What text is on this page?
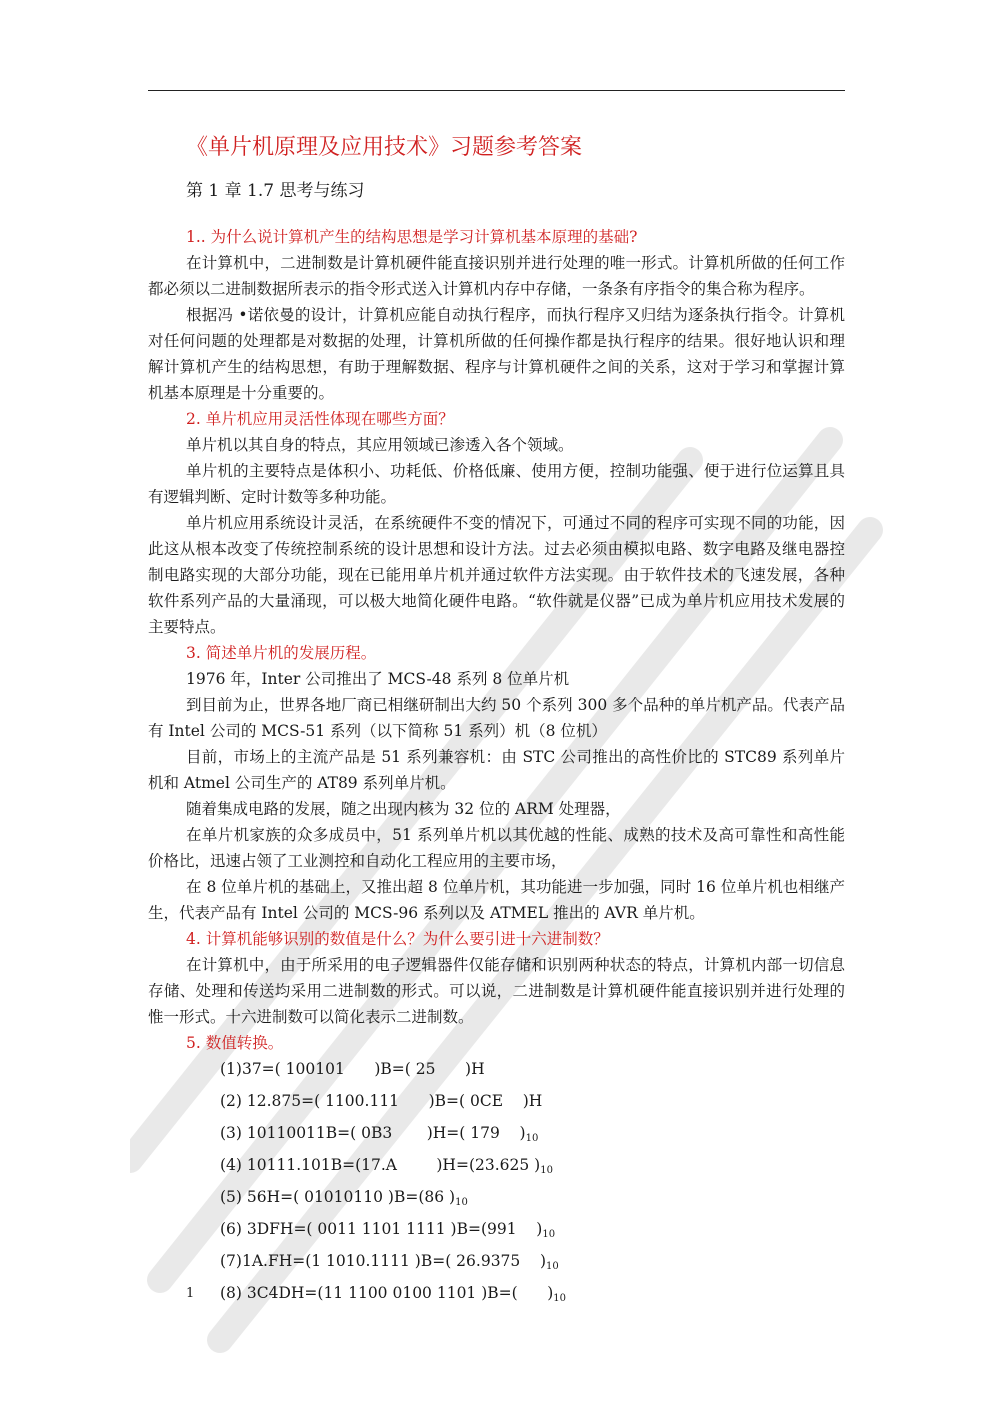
《单片机原理及应用技术》习题参考答案
第 1 章 1.7 思考与练习

1.. 为什么说计算机产生的结构思想是学习计算机基本原理的基础?

在计算机中，二进制数是计算机硬件能直接识别并进行处理的唯一形式。计算机所做的任何工作都必须以二进制数据所表示的指令形式送入计算机内存中存储，一条条有序指令的集合称为程序。

根据冯 •诺依曼的设计，计算机应能自动执行程序，而执行程序又归结为逐条执行指令。计算机对任何问题的处理都是对数据的处理，计算机所做的任何操作都是执行程序的结果。很好地认识和理解计算机产生的结构思想，有助于理解数据、程序与计算机硬件之间的关系，这对于学习和掌握计算机基本原理是十分重要的。

2. 单片机应用灵活性体现在哪些方面？

单片机以其自身的特点，其应用领域已渗透入各个领域。

单片机的主要特点是体积小、功耗低、价格低廉、使用方便，控制功能强、便于进行位运算且具有逻辑判断、定时计数等多种功能。

单片机应用系统设计灵活，在系统硬件不变的情况下，可通过不同的程序可实现不同的功能，因此这从根本改变了传统控制系统的设计思想和设计方法。过去必须由模拟电路、数字电路及继电器控制电路实现的大部分功能，现在已能用单片机并通过软件方法实现。由于软件技术的飞速发展，各种软件系列产品的大量涌现，可以极大地简化硬件电路。“软件就是仪器”已成为单片机应用技术发展的主要特点。

3. 简述单片机的发展历程。

1976 年，Inter 公司推出了 MCS-48 系列 8 位单片机

到目前为止，世界各地厂商已相继研制出大约 50 个系列 300 多个品种的单片机产品。代表产品有 Intel 公司的 MCS-51 系列（以下简称 51 系列）机（8 位机）

目前，市场上的主流产品是 51 系列兼容机：由 STC 公司推出的高性价比的 STC89 系列单片机和 Atmel 公司生产的 AT89 系列单片机。

随着集成电路的发展，随之出现内核为 32 位的 ARM 处理器，

在单片机家族的众多成员中，51 系列单片机以其优越的性能、成熟的技术及高可靠性和高性能价格比，迅速占领了工业测控和自动化工程应用的主要市场，

在 8 位单片机的基础上，又推出超 8 位单片机，其功能进一步加强，同时 16 位单片机也相继产生，代表产品有 Intel 公司的 MCS-96 系列以及 ATMEL 推出的 AVR 单片机。

4. 计算机能够识别的数值是什么？为什么要引进十六进制数？

在计算机中，由于所采用的电子逻辑器件仅能存储和识别两种状态的特点，计算机内部一切信息存储、处理和传送均采用二进制数的形式。可以说，二进制数是计算机硬件能直接识别并进行处理的惟一形式。十六进制数可以简化表示二进制数。

5. 数值转换。

(1)37=( 100101      )B=( 25      )H

(2) 12.875=( 1100.111      )B=( 0CE    )H

(3) 10110011B=( 0B3       )H=( 179    )$_{10}$

(4) 10111.101B=(17.A        )H=(23.625 )$_{10}$

(5) 56H=( 01010110 )B=(86 )$_{10}$

(6) 3DFH=( 0011 1101 1111 )B=(991    )$_{10}$

(7)1A.FH=(1 1010.1111 )B=( 26.9375    )$_{10}$

(8) 3C4DH=(11 1100 0100 1101 )B=(      )$_{10}$

1
